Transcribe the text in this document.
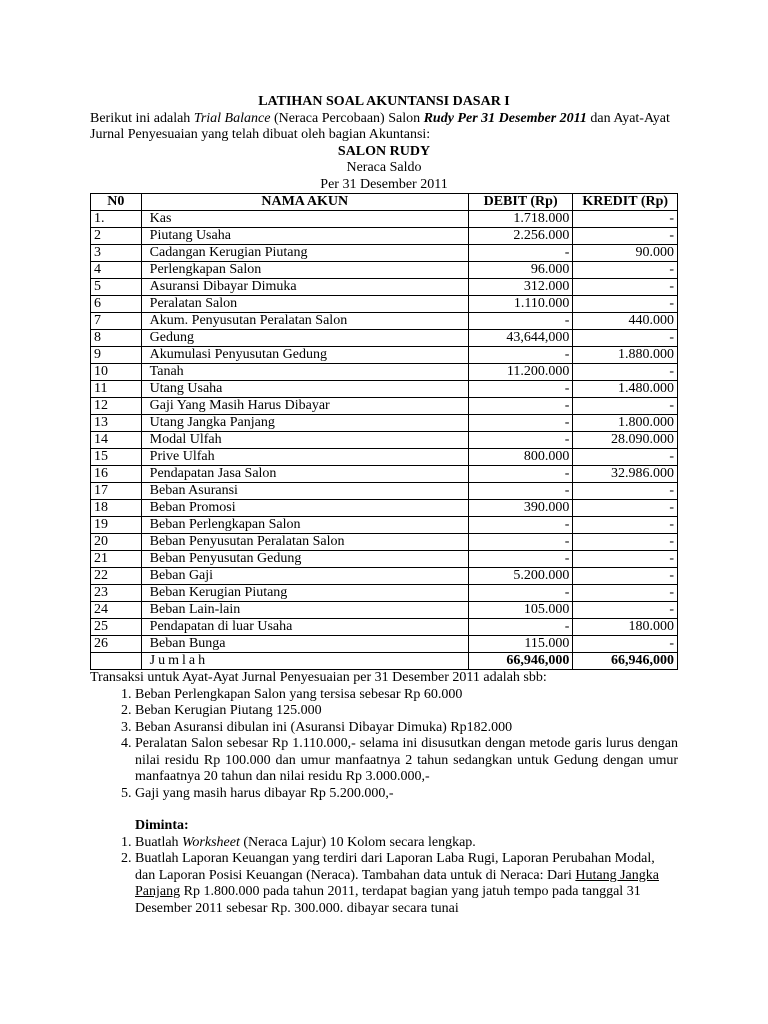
LATIHAN SOAL AKUNTANSI DASAR I

Berikut ini adalah Trial Balance (Neraca Percobaan) Salon Rudy Per 31 Desember 2011 dan Ayat-Ayat Jurnal Penyesuaian yang telah dibuat oleh bagian Akuntansi:

SALON RUDY

Neraca Saldo

Per 31 Desember 2011

N0	NAMA AKUN	DEBIT (Rp)	KREDIT (Rp)
1.	Kas	1.718.000	-
2	Piutang Usaha	2.256.000	-
3	Cadangan Kerugian Piutang	-	90.000
4	Perlengkapan Salon	96.000	-
5	Asuransi Dibayar Dimuka	312.000	-
6	Peralatan Salon	1.110.000	-
7	Akum. Penyusutan Peralatan Salon	-	440.000
8	Gedung	43,644,000	-
9	Akumulasi Penyusutan Gedung	-	1.880.000
10	Tanah	11.200.000	-
11	Utang Usaha	-	1.480.000
12	Gaji Yang Masih Harus Dibayar	-	-
13	Utang Jangka Panjang	-	1.800.000
14	Modal Ulfah	-	28.090.000
15	Prive Ulfah	800.000	-
16	Pendapatan Jasa Salon	-	32.986.000
17	Beban Asuransi	-	-
18	Beban Promosi	390.000	-
19	Beban Perlengkapan Salon	-	-
20	Beban Penyusutan Peralatan Salon	-	-
21	Beban Penyusutan Gedung	-	-
22	Beban Gaji	5.200.000	-
23	Beban Kerugian Piutang	-	-
24	Beban Lain-lain	105.000	-
25	Pendapatan di luar Usaha	-	180.000
26	Beban Bunga	115.000	-
	Jumlah	66,946,000	66,946,000

Transaksi untuk Ayat-Ayat Jurnal Penyesuaian per 31 Desember 2011 adalah sbb:

1. Beban Perlengkapan Salon yang tersisa sebesar Rp 60.000
2. Beban Kerugian Piutang 125.000
3. Beban Asuransi dibulan ini (Asuransi Dibayar Dimuka) Rp182.000
4. Peralatan Salon sebesar Rp 1.110.000,- selama ini disusutkan dengan metode garis lurus dengan nilai residu Rp 100.000 dan umur manfaatnya 2 tahun sedangkan untuk Gedung dengan umur manfaatnya 20 tahun dan nilai residu Rp 3.000.000,-
5. Gaji yang masih harus dibayar Rp 5.200.000,-

Diminta:

1. Buatlah Worksheet (Neraca Lajur) 10 Kolom secara lengkap.
2. Buatlah Laporan Keuangan yang terdiri dari Laporan Laba Rugi, Laporan Perubahan Modal, dan Laporan Posisi Keuangan (Neraca). Tambahan data untuk di Neraca: Dari Hutang Jangka Panjang Rp 1.800.000 pada tahun 2011, terdapat bagian yang jatuh tempo pada tanggal 31 Desember 2011 sebesar Rp. 300.000. dibayar secara tunai
